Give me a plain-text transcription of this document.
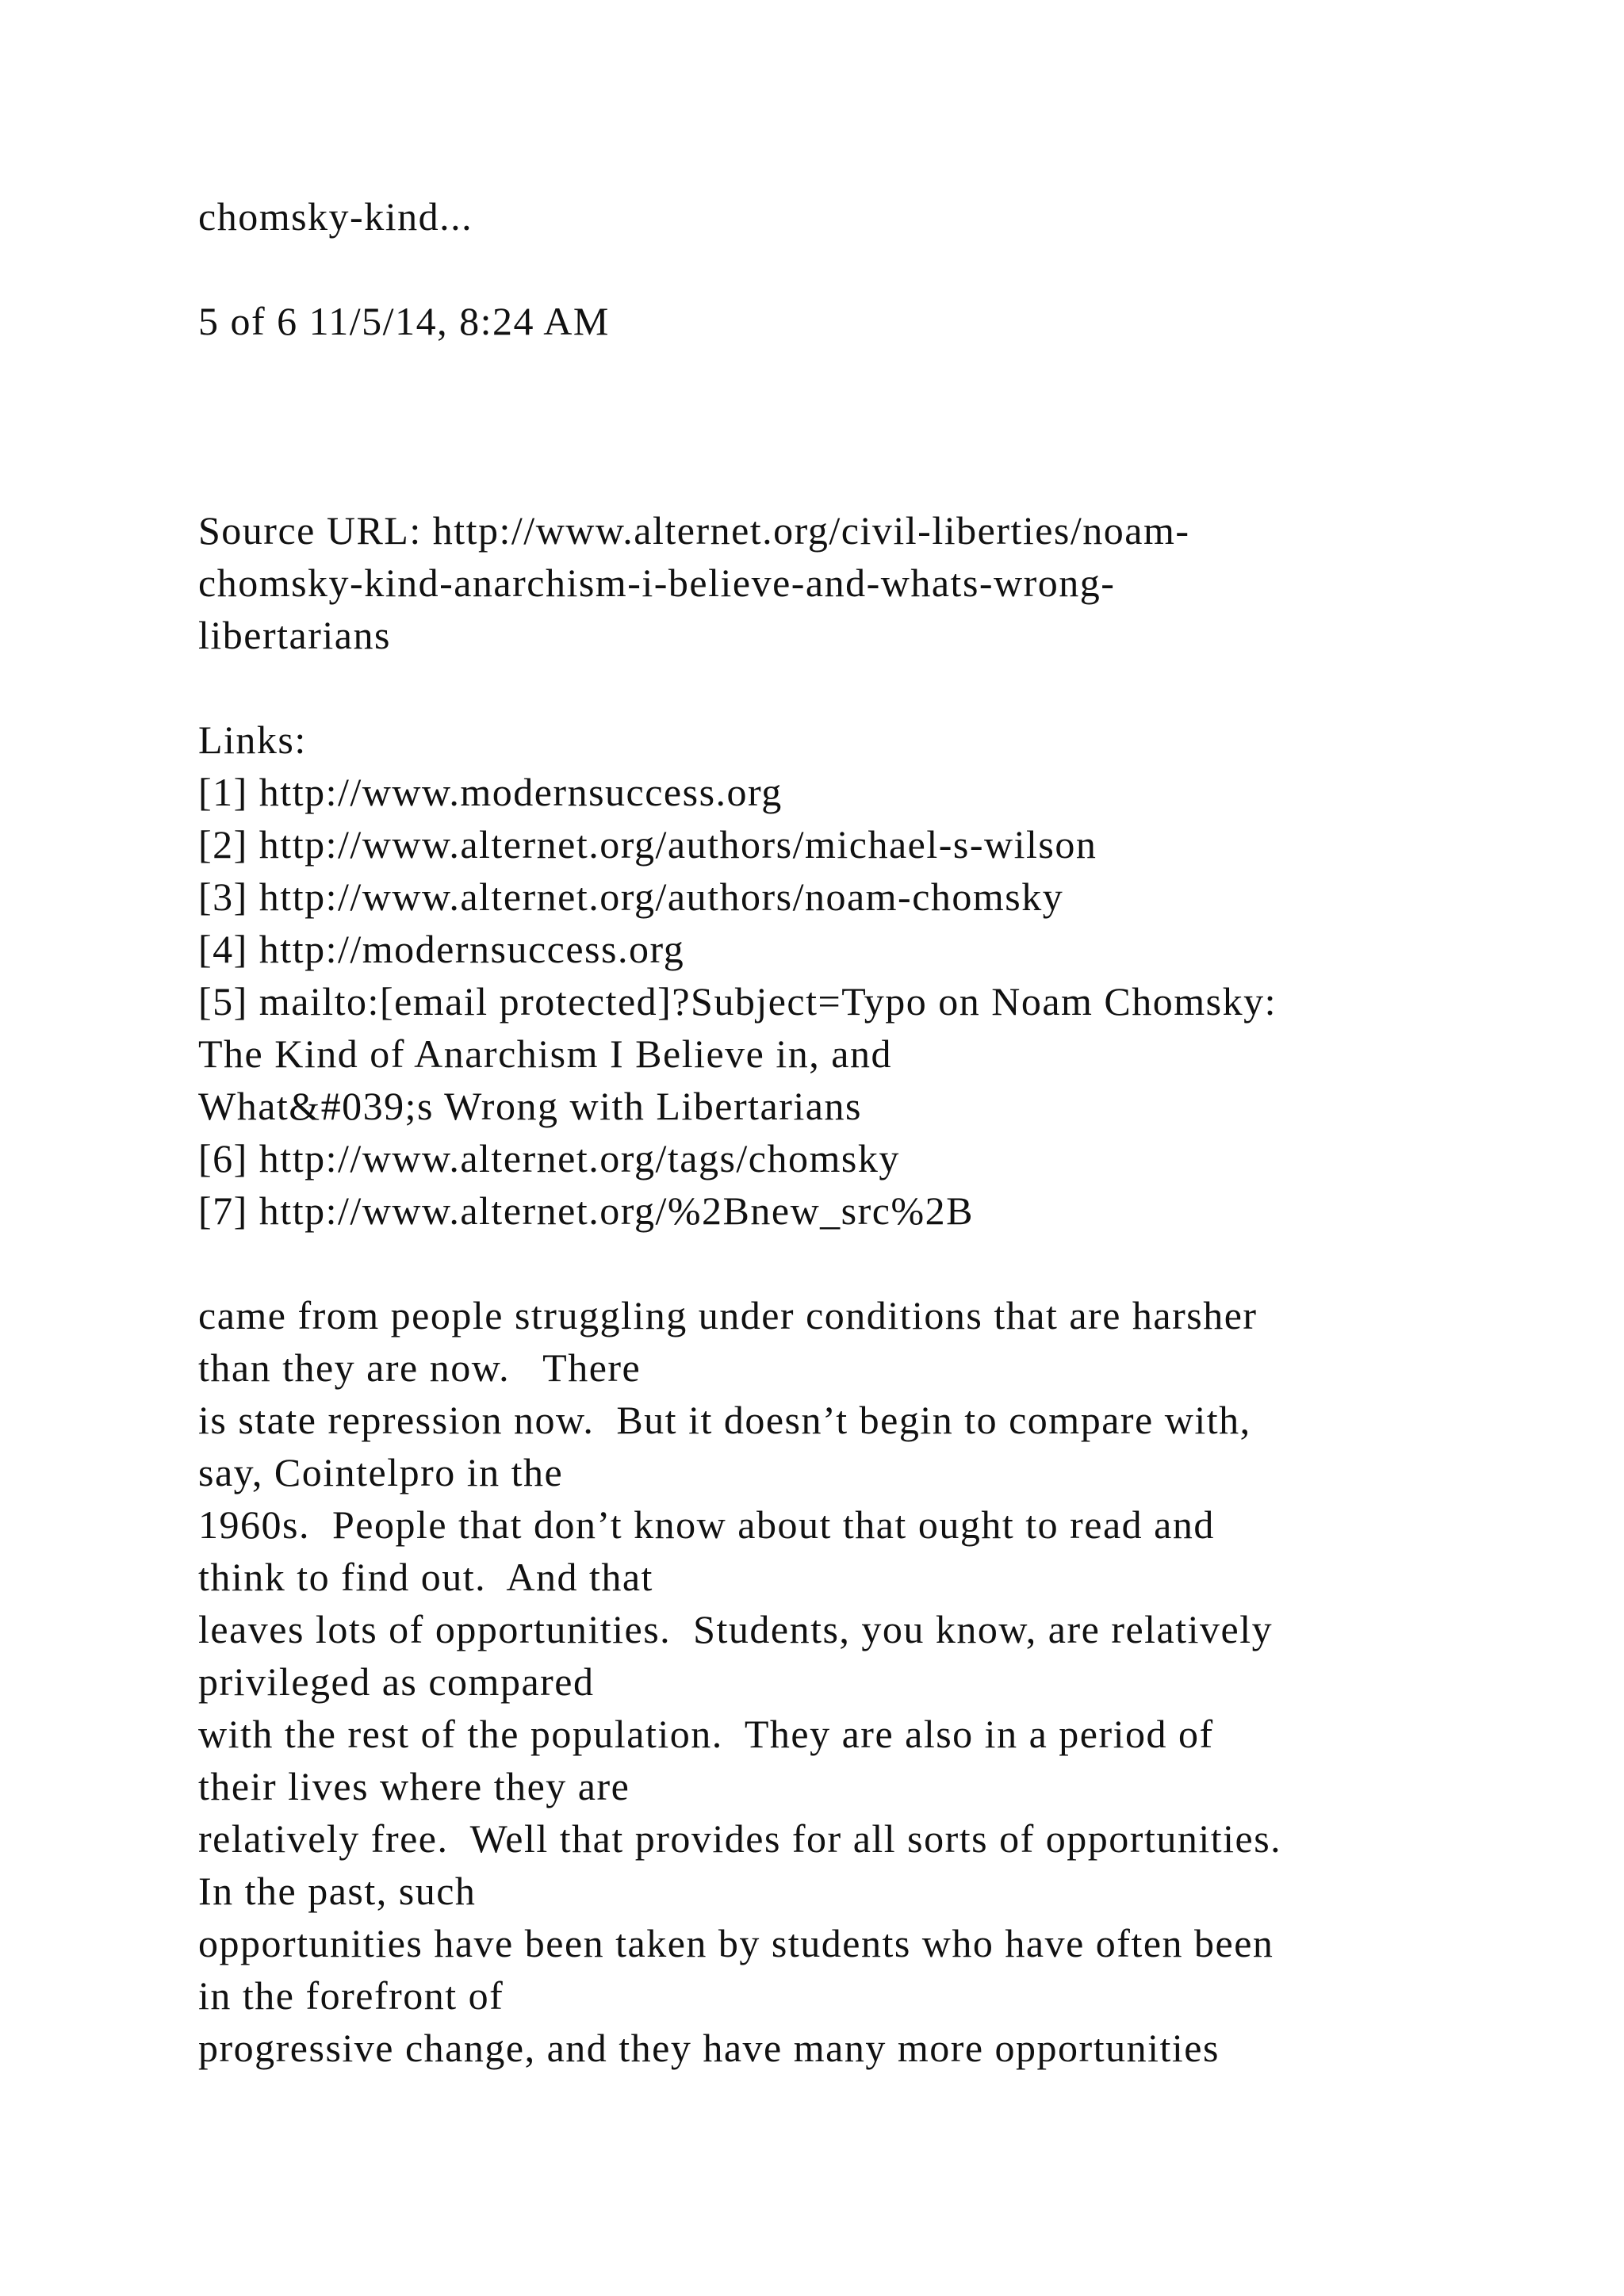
chomsky-kind...
5 of 6 11/5/14, 8:24 AM
Source URL: http://www.alternet.org/civil-liberties/noam-
chomsky-kind-anarchism-i-believe-and-whats-wrong-
libertarians
Links:
[1] http://www.modernsuccess.org
[2] http://www.alternet.org/authors/michael-s-wilson
[3] http://www.alternet.org/authors/noam-chomsky
[4] http://modernsuccess.org
[5] mailto:[email protected]?Subject=Typo on Noam Chomsky:
The Kind of Anarchism I Believe in, and
What&#039;s Wrong with Libertarians
[6] http://www.alternet.org/tags/chomsky
[7] http://www.alternet.org/%2Bnew_src%2B
came from people struggling under conditions that are harsher
than they are now.   There
is state repression now.  But it doesn’t begin to compare with,
say, Cointelpro in the
1960s.  People that don’t know about that ought to read and
think to find out.  And that
leaves lots of opportunities.  Students, you know, are relatively
privileged as compared
with the rest of the population.  They are also in a period of
their lives where they are
relatively free.  Well that provides for all sorts of opportunities.
In the past, such
opportunities have been taken by students who have often been
in the forefront of
progressive change, and they have many more opportunities
